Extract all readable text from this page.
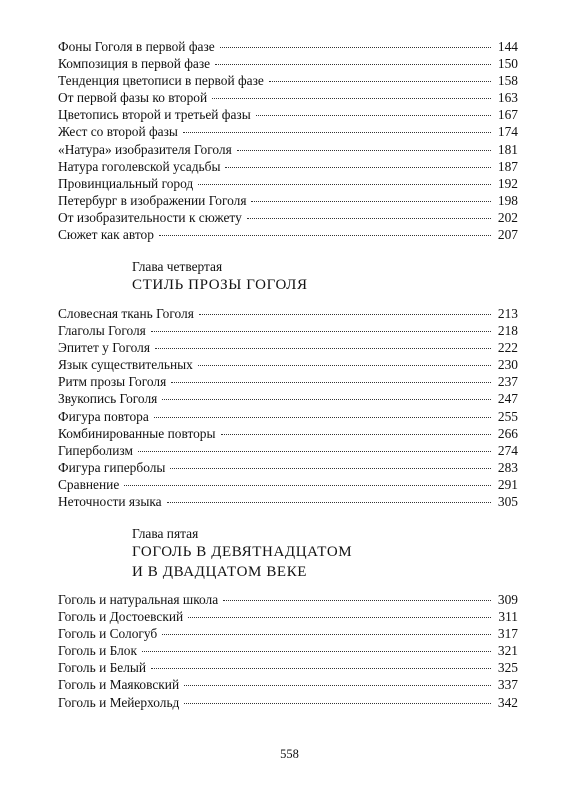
Фоны Гоголя в первой фазе	144
Композиция в первой фазе	150
Тенденция цветописи в первой фазе	158
От первой фазы ко второй	163
Цветопись второй и третьей фазы	167
Жест со второй фазы	174
«Натура» изобразителя Гоголя	181
Натура гоголевской усадьбы	187
Провинциальный город	192
Петербург в изображении Гоголя	198
От изобразительности к сюжету	202
Сюжет как автор	207
Глава четвертая
СТИЛЬ ПРОЗЫ ГОГОЛЯ
Словесная ткань Гоголя	213
Глаголы Гоголя	218
Эпитет у Гоголя	222
Язык существительных	230
Ритм прозы Гоголя	237
Звукопись Гоголя	247
Фигура повтора	255
Комбинированные повторы	266
Гиперболизм	274
Фигура гиперболы	283
Сравнение	291
Неточности языка	305
Глава пятая
ГОГОЛЬ В ДЕВЯТНАДЦАТОМ
И В ДВАДЦАТОМ ВЕКЕ
Гоголь и натуральная школа	309
Гоголь и Достоевский	311
Гоголь и Сологуб	317
Гоголь и Блок	321
Гоголь и Белый	325
Гоголь и Маяковский	337
Гоголь и Мейерхольд	342
558
